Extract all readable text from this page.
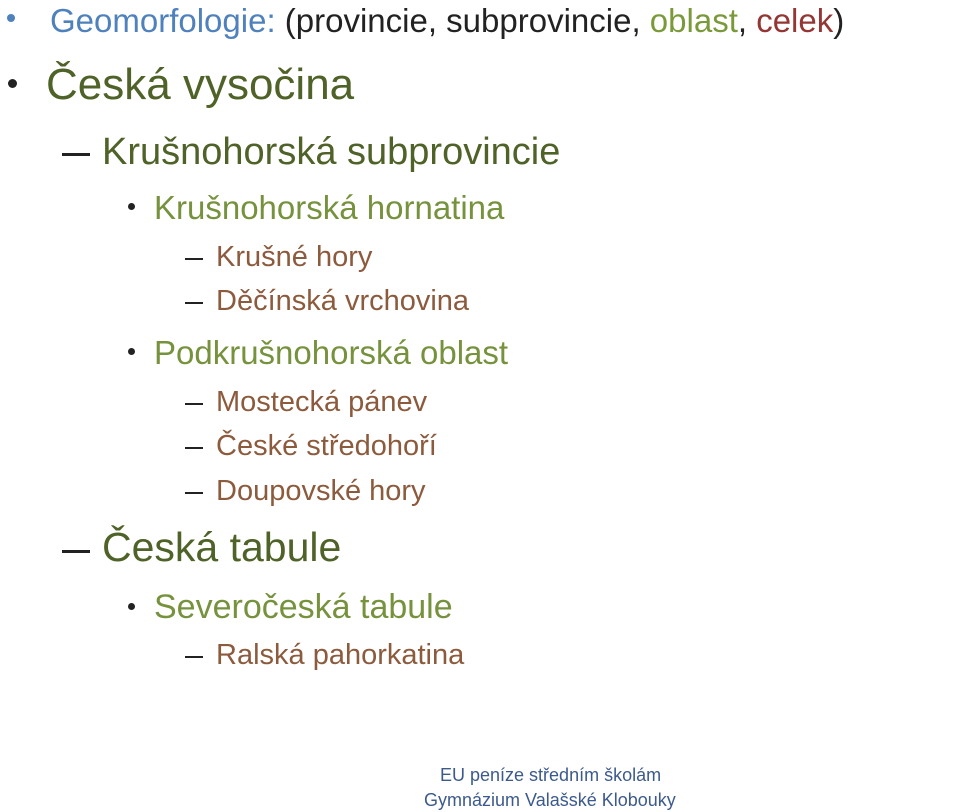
Geomorfologie: (provincie, subprovincie, oblast, celek)
Česká vysočina
Krušnohorská subprovincie
Krušnohorská hornatina
Krušné hory
Děčínská vrchovina
Podkrušnohorská oblast
Mostecká pánev
České středohoří
Doupovské hory
Česká tabule
Severočeská tabule
Ralská pahorkatina
EU peníze středním školám
Gymnázium Valašské Klobouky
